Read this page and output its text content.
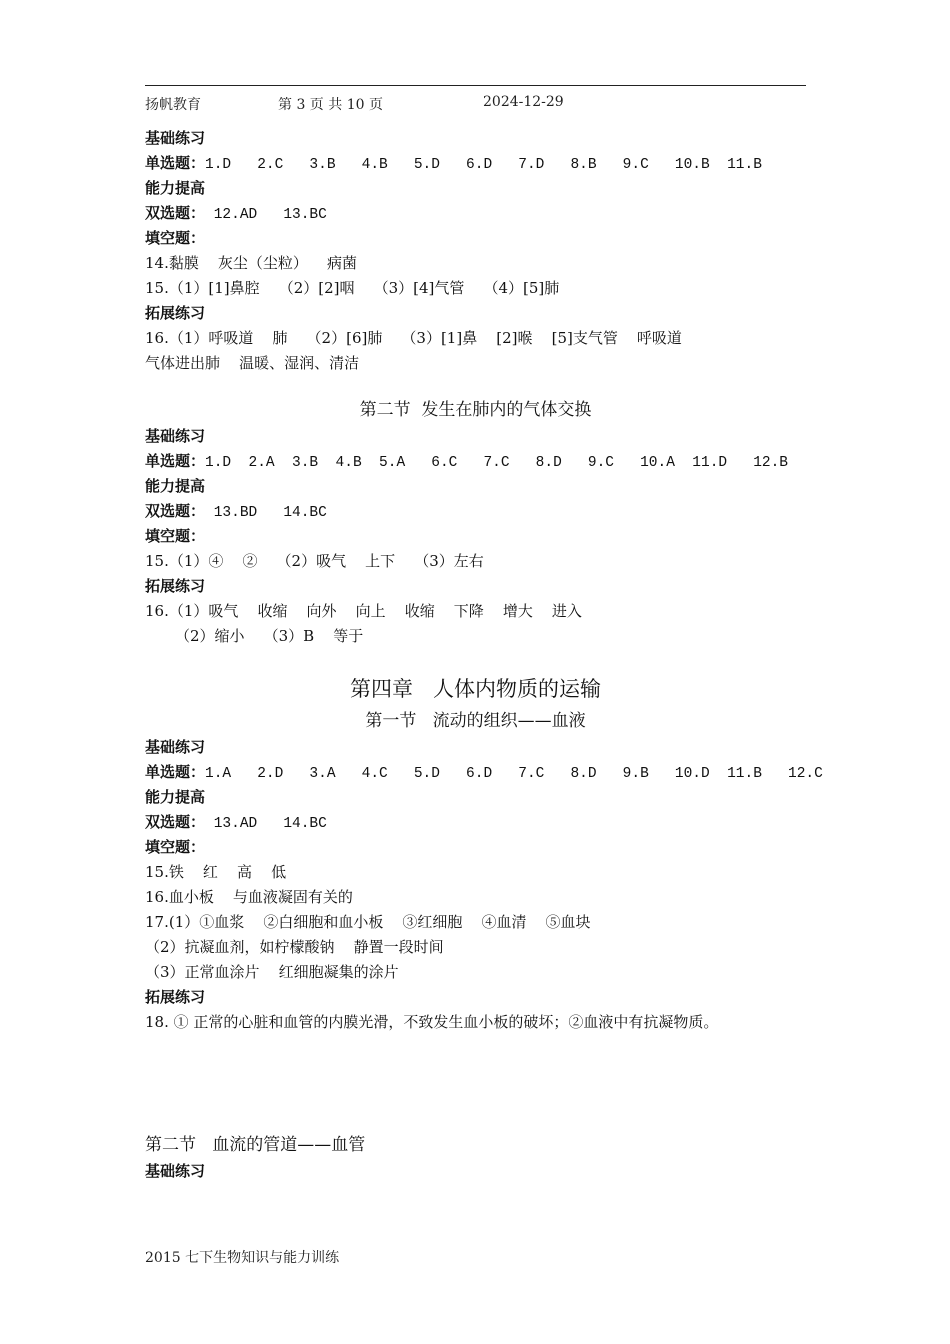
扬帆教育	第 3 页 共 10 页	2024-12-29
基础练习
单选题：1.D   2.C   3.B   4.B   5.D   6.D   7.D   8.B   9.C   10.B  11.B
能力提高
双选题： 12.AD   13.BC
填空题：
14.黏膜    灰尘（尘粒）    病菌
15.（1）[1]鼻腔    （2）[2]咽    （3）[4]气管    （4）[5]肺
拓展练习
16.（1）呼吸道    肺    （2）[6]肺    （3）[1]鼻    [2]喉    [5]支气管    呼吸道
气体进出肺    温暖、湿润、清洁
第二节  发生在肺内的气体交换
基础练习
单选题：1.D  2.A  3.B  4.B  5.A   6.C   7.C   8.D   9.C   10.A  11.D   12.B
能力提高
双选题： 13.BD   14.BC
填空题：
15.（1）④    ②    （2）吸气    上下    （3）左右
拓展练习
16.（1）吸气    收缩    向外    向上    收缩    下降    增大    进入
（2）缩小    （3）B    等于
第四章   人体内物质的运输
第一节   流动的组织——血液
基础练习
单选题：1.A   2.D   3.A   4.C   5.D   6.D   7.C   8.D   9.B   10.D  11.B   12.C
能力提高
双选题： 13.AD   14.BC
填空题：
15.铁    红    高    低
16.血小板    与血液凝固有关的
17.(1）①血浆    ②白细胞和血小板    ③红细胞    ④血清    ⑤血块
（2）抗凝血剂，如柠檬酸钠    静置一段时间
（3）正常血涂片    红细胞凝集的涂片
拓展练习
18. ① 正常的心脏和血管的内膜光滑，不致发生血小板的破坏；②血液中有抗凝物质。
第二节   血流的管道——血管
基础练习
2015 七下生物知识与能力训练
